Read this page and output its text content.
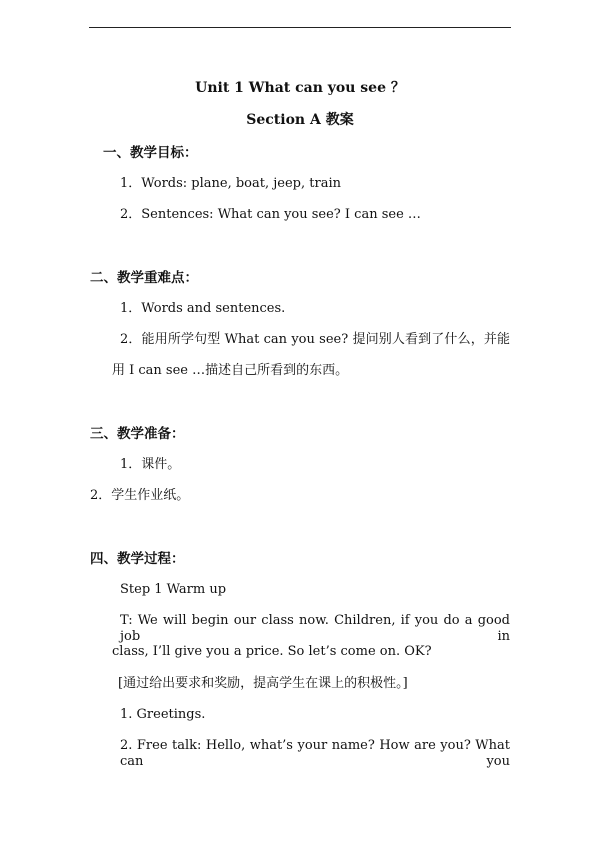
Unit 1 What can you see ？
Section A 教案
一、教学目标：
1．Words: plane, boat, jeep, train
2．Sentences: What can you see? I can see …
二、教学重难点：
1．Words and sentences.
2．能用所学句型 What can you see? 提问别人看到了什么，并能
用 I can see …描述自己所看到的东西。
三、教学准备：
1．课件。
2．学生作业纸。
四、教学过程：
Step 1 Warm up
T: We will begin our class now. Children, if you do a good job in
class, I’ll give you a price. So let’s come on. OK?
[通过给出要求和奖励，提高学生在课上的积极性。]
1. Greetings.
2. Free talk: Hello, what’s your name? How are you? What can you
